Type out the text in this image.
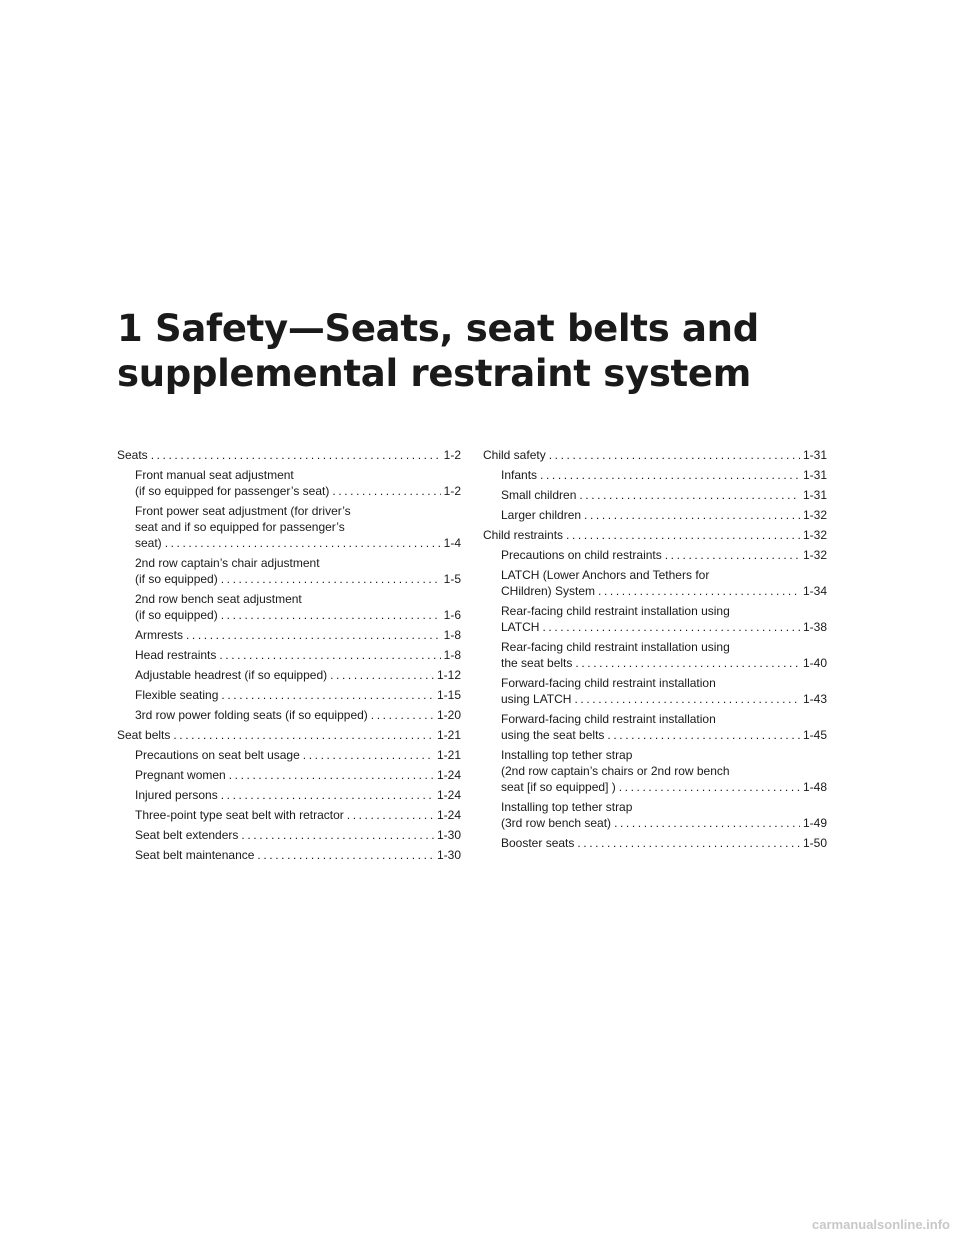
1 Safety—Seats, seat belts and
supplemental restraint system
Seats .....	1-2
Front manual seat adjustment
(if so equipped for passenger’s seat) .....	1-2
Front power seat adjustment (for driver’s
seat and if so equipped for passenger’s
seat) .....	1-4
2nd row captain’s chair adjustment
(if so equipped) .....	1-5
2nd row bench seat adjustment
(if so equipped) .....	1-6
Armrests .....	1-8
Head restraints .....	1-8
Adjustable headrest (if so equipped) .....	1-12
Flexible seating .....	1-15
3rd row power folding seats (if so equipped) .....	1-20
Seat belts .....	1-21
Precautions on seat belt usage .....	1-21
Pregnant women .....	1-24
Injured persons .....	1-24
Three-point type seat belt with retractor .....	1-24
Seat belt extenders .....	1-30
Seat belt maintenance .....	1-30
Child safety .....	1-31
Infants .....	1-31
Small children .....	1-31
Larger children .....	1-32
Child restraints .....	1-32
Precautions on child restraints .....	1-32
LATCH (Lower Anchors and Tethers for
CHildren) System .....	1-34
Rear-facing child restraint installation using
LATCH .....	1-38
Rear-facing child restraint installation using
the seat belts .....	1-40
Forward-facing child restraint installation
using LATCH .....	1-43
Forward-facing child restraint installation
using the seat belts .....	1-45
Installing top tether strap
(2nd row captain’s chairs or 2nd row bench
seat [if so equipped] ) .....	1-48
Installing top tether strap
(3rd row bench seat) .....	1-49
Booster seats .....	1-50
carmanualsonline.info
